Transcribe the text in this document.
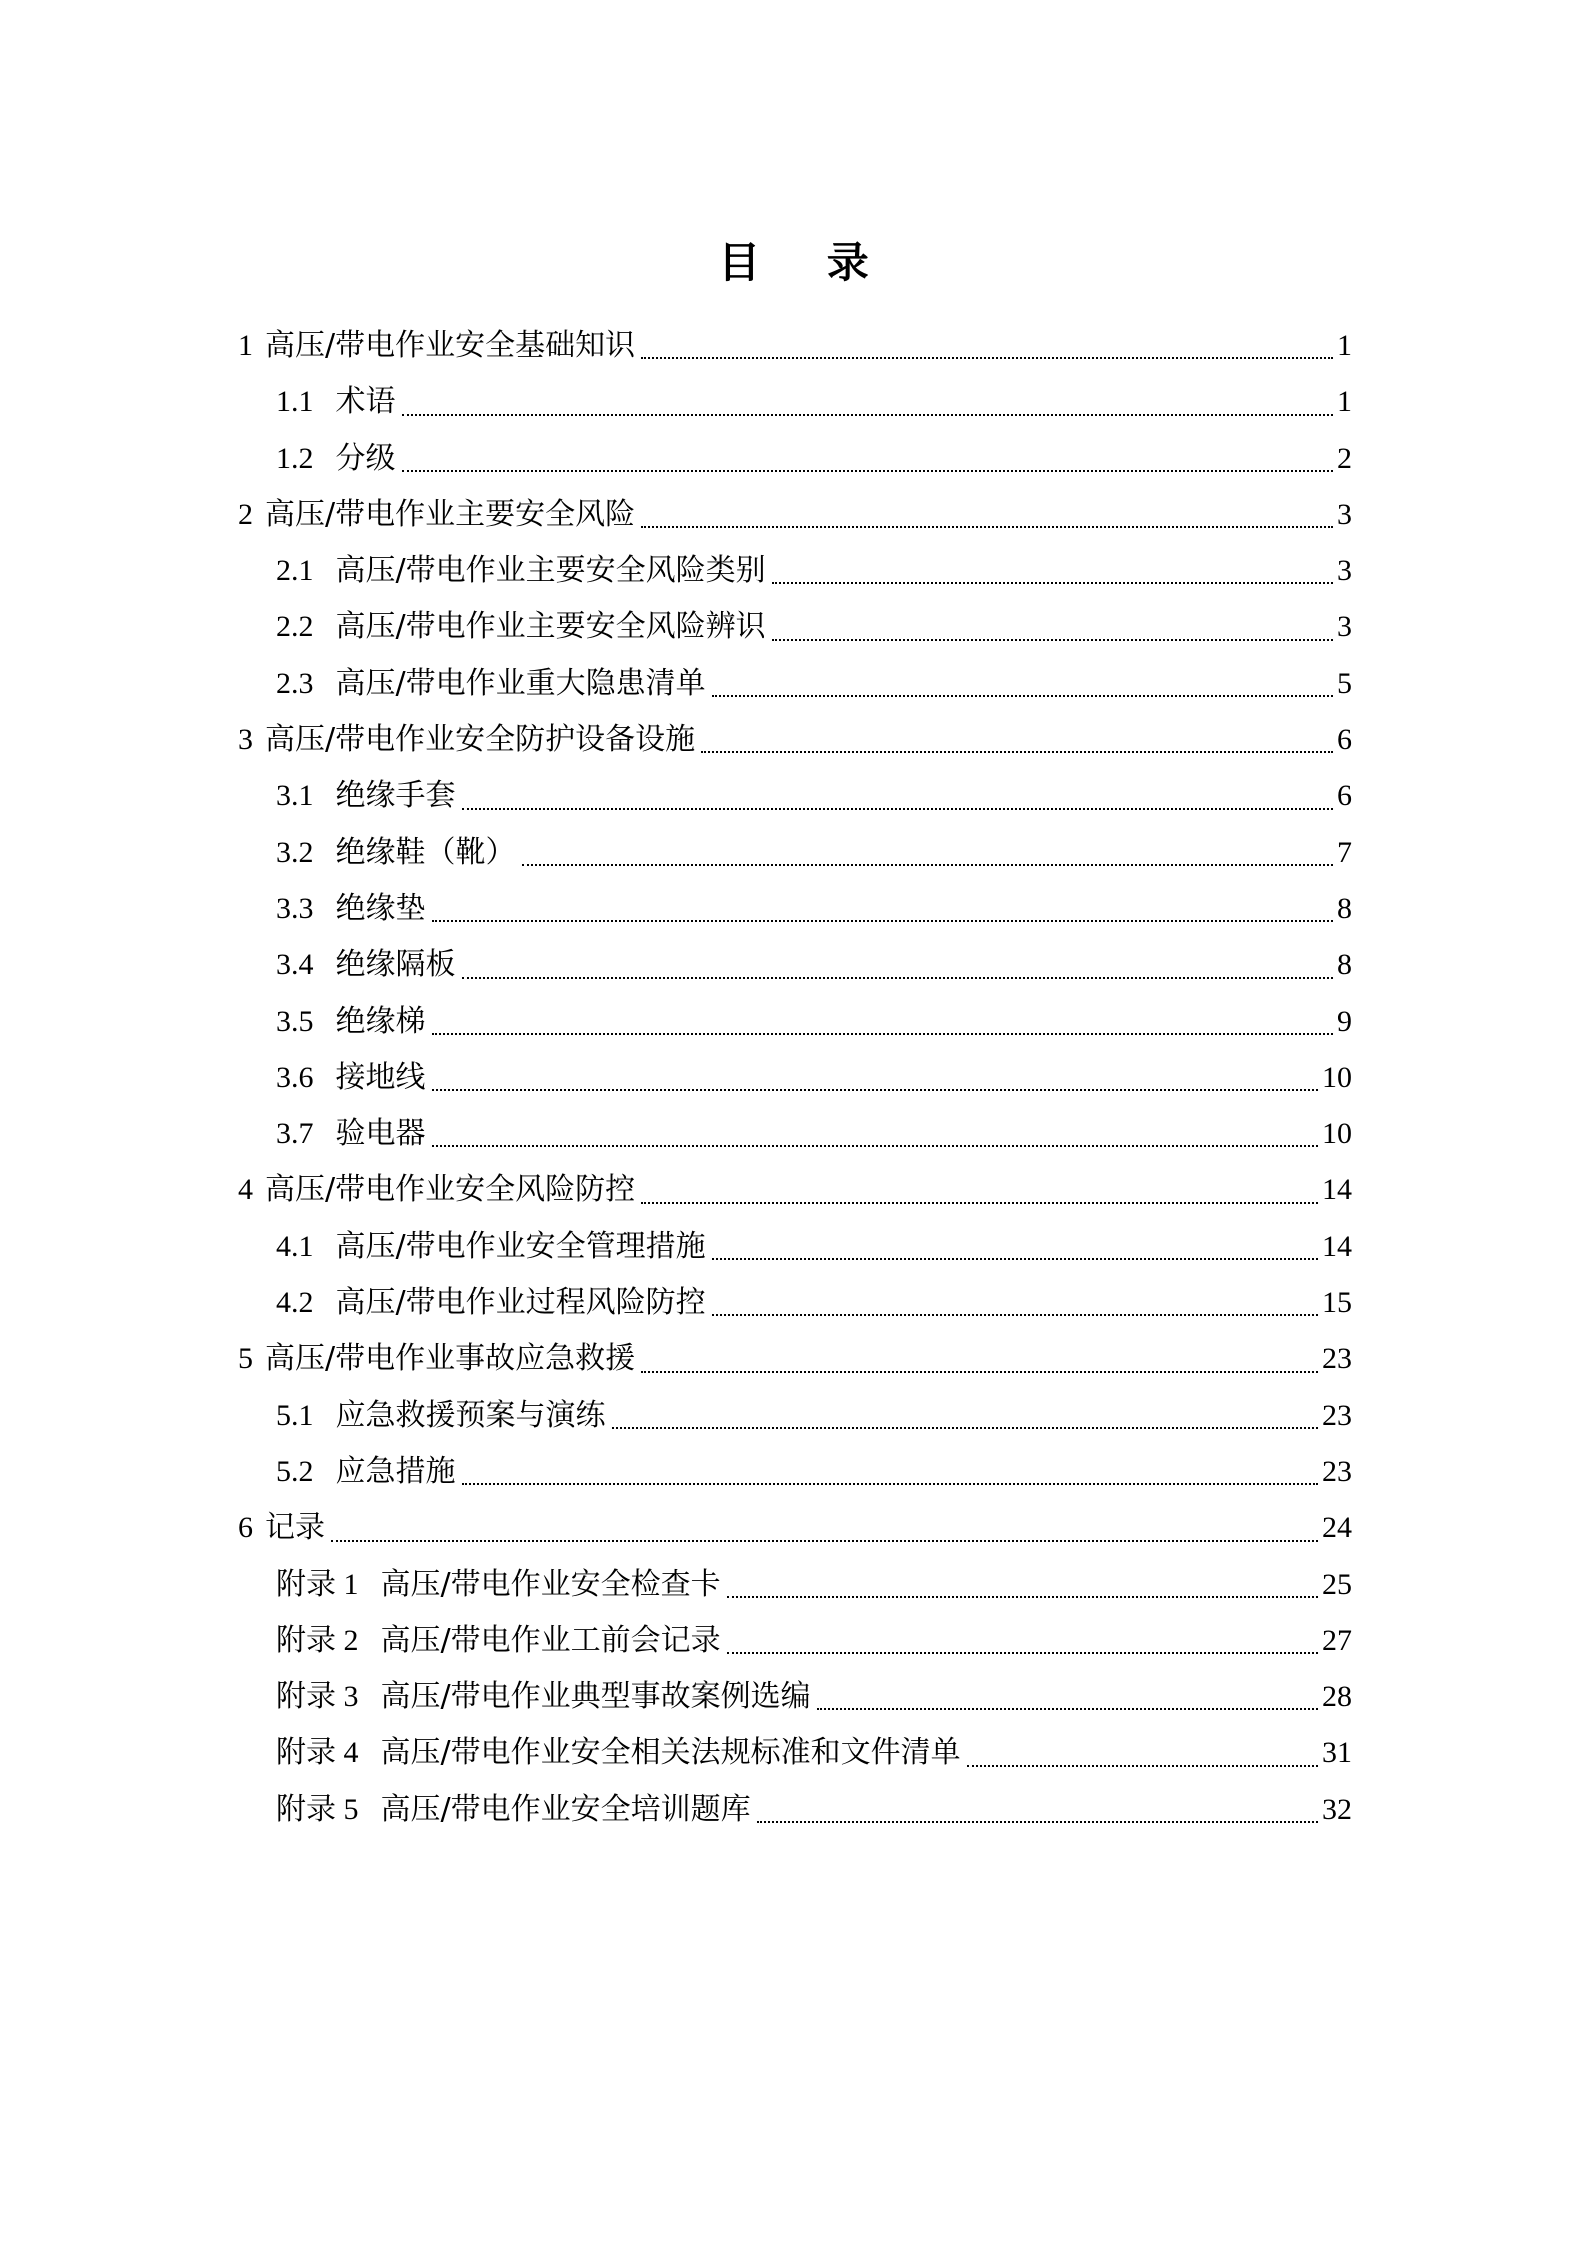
目 录
1 高压/带电作业安全基础知识	1
1.1 术语	1
1.2 分级	2
2 高压/带电作业主要安全风险	3
2.1 高压/带电作业主要安全风险类别	3
2.2 高压/带电作业主要安全风险辨识	3
2.3 高压/带电作业重大隐患清单	5
3 高压/带电作业安全防护设备设施	6
3.1 绝缘手套	6
3.2 绝缘鞋（靴）	7
3.3 绝缘垫	8
3.4 绝缘隔板	8
3.5 绝缘梯	9
3.6 接地线	10
3.7 验电器	10
4 高压/带电作业安全风险防控	14
4.1 高压/带电作业安全管理措施	14
4.2 高压/带电作业过程风险防控	15
5 高压/带电作业事故应急救援	23
5.1 应急救援预案与演练	23
5.2 应急措施	23
6 记录	24
附录 1 高压/带电作业安全检查卡	25
附录 2 高压/带电作业工前会记录	27
附录 3 高压/带电作业典型事故案例选编	28
附录 4 高压/带电作业安全相关法规标准和文件清单	31
附录 5 高压/带电作业安全培训题库	32
